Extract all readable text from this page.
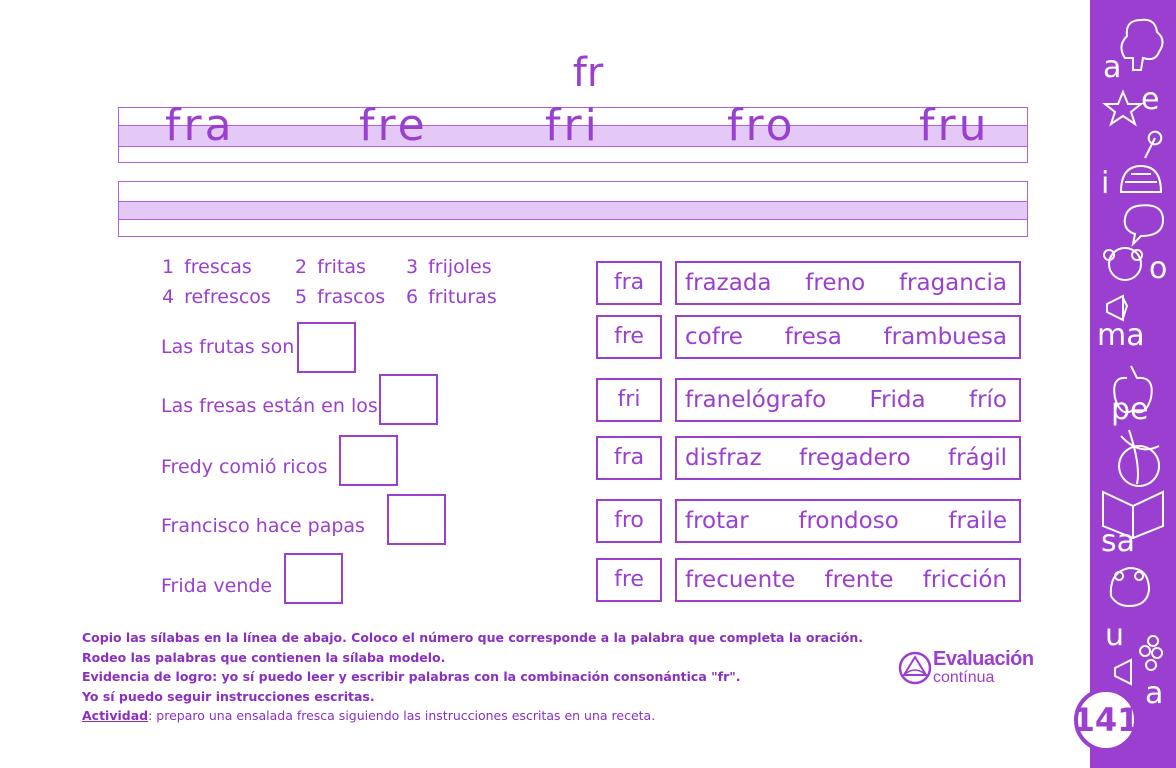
fr
fra	fre	fri	fro	fru
1 frescas 2 fritas 3 frijoles
4 refrescos 5 frascos 6 frituras
Las frutas son
Las fresas están en los
Fredy comió ricos
Francisco hace papas
Frida vende
fra	frazada freno fragancia
fre	cofre fresa frambuesa
fri	franelógrafo Frida frío
fra	disfraz fregadero frágil
fro	frotar frondoso fraile
fre	frecuente frente fricción
Copio las sílabas en la línea de abajo. Coloco el número que corresponde a la palabra que completa la oración.
Rodeo las palabras que contienen la sílaba modelo.
Evidencia de logro: yo sí puedo leer y escribir palabras con la combinación consonántica "fr".
Yo sí puedo seguir instrucciones escritas.
Actividad: preparo una ensalada fresca siguiendo las instrucciones escritas en una receta.
Evaluación
contínua
a
e
i
o
ma
pe
sa
u
a
141
